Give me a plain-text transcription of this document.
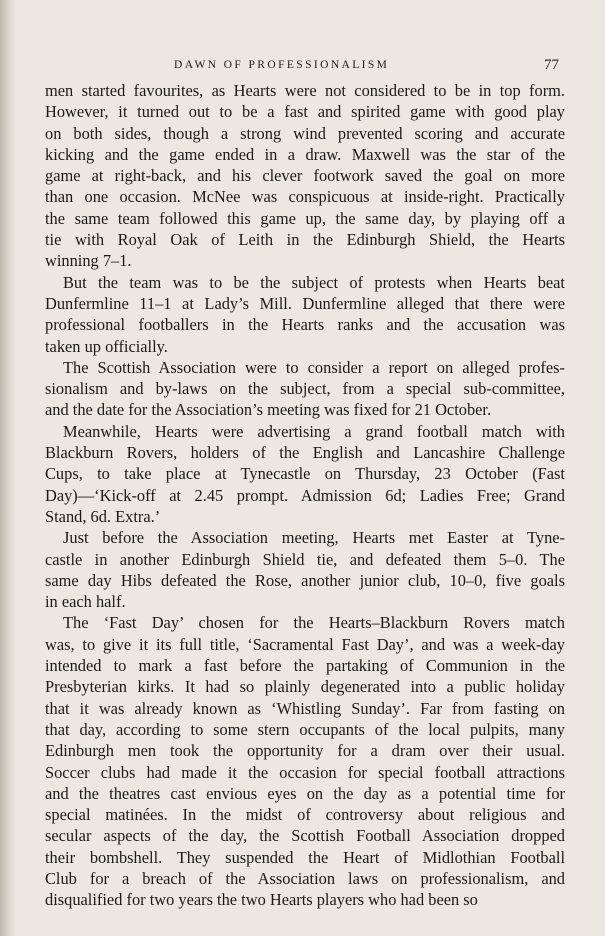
DAWN OF PROFESSIONALISM	77
men started favourites, as Hearts were not considered to be in top form.
However, it turned out to be a fast and spirited game with good play
on both sides, though a strong wind prevented scoring and accurate
kicking and the game ended in a draw. Maxwell was the star of the
game at right-back, and his clever footwork saved the goal on more
than one occasion. McNee was conspicuous at inside-right. Practically
the same team followed this game up, the same day, by playing off a
tie with Royal Oak of Leith in the Edinburgh Shield, the Hearts
winning 7–1.
But the team was to be the subject of protests when Hearts beat
Dunfermline 11–1 at Lady’s Mill. Dunfermline alleged that there were
professional footballers in the Hearts ranks and the accusation was
taken up officially.
The Scottish Association were to consider a report on alleged profes-
sionalism and by-laws on the subject, from a special sub-committee,
and the date for the Association’s meeting was fixed for 21 October.
Meanwhile, Hearts were advertising a grand football match with
Blackburn Rovers, holders of the English and Lancashire Challenge
Cups, to take place at Tynecastle on Thursday, 23 October (Fast
Day)—‘Kick-off at 2.45 prompt. Admission 6d; Ladies Free; Grand
Stand, 6d. Extra.’
Just before the Association meeting, Hearts met Easter at Tyne-
castle in another Edinburgh Shield tie, and defeated them 5–0. The
same day Hibs defeated the Rose, another junior club, 10–0, five goals
in each half.
The ‘Fast Day’ chosen for the Hearts–Blackburn Rovers match
was, to give it its full title, ‘Sacramental Fast Day’, and was a week-day
intended to mark a fast before the partaking of Communion in the
Presbyterian kirks. It had so plainly degenerated into a public holiday
that it was already known as ‘Whistling Sunday’. Far from fasting on
that day, according to some stern occupants of the local pulpits, many
Edinburgh men took the opportunity for a dram over their usual.
Soccer clubs had made it the occasion for special football attractions
and the theatres cast envious eyes on the day as a potential time for
special matinées. In the midst of controversy about religious and
secular aspects of the day, the Scottish Football Association dropped
their bombshell. They suspended the Heart of Midlothian Football
Club for a breach of the Association laws on professionalism, and
disqualified for two years the two Hearts players who had been so
